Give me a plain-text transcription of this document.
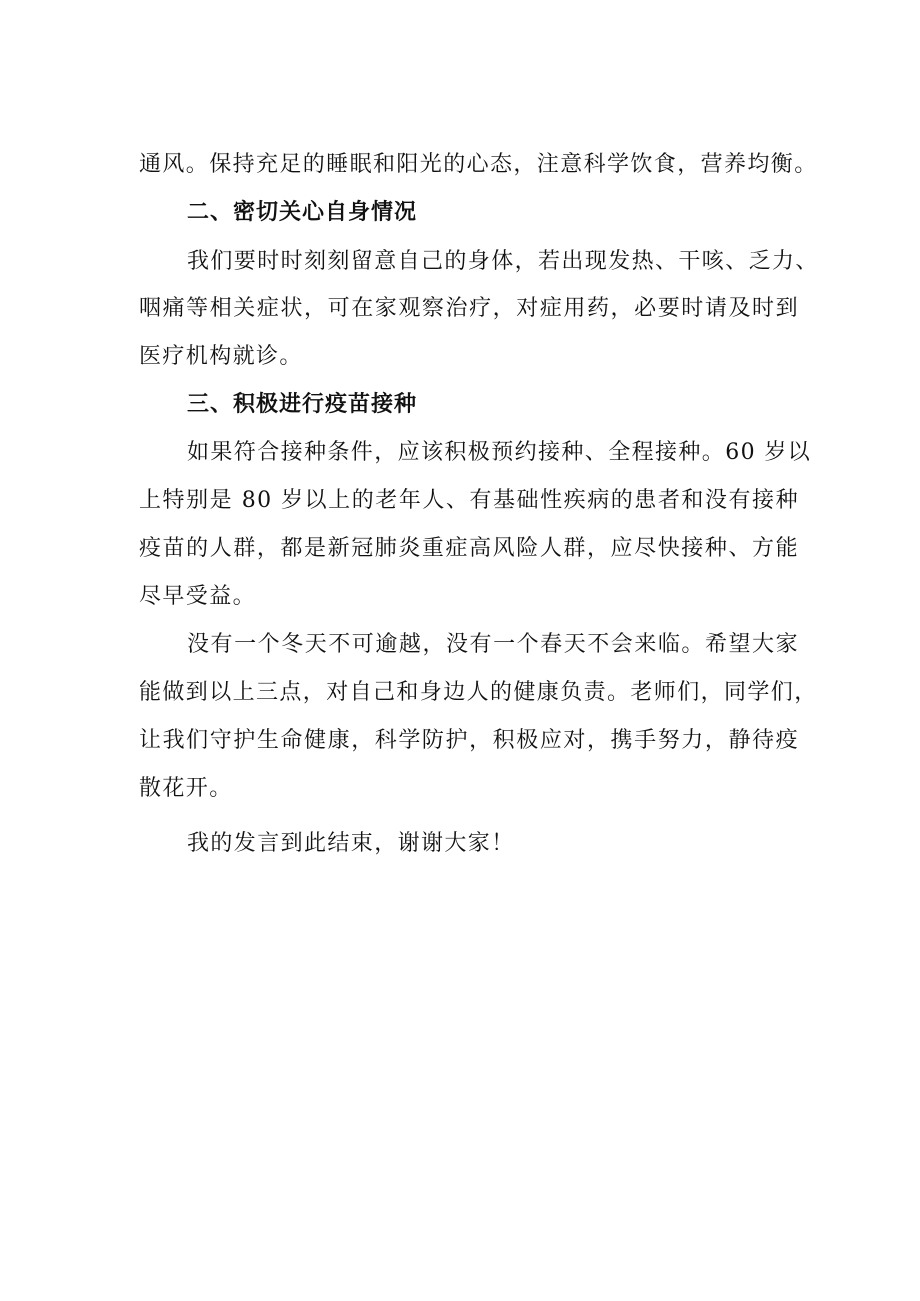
通风。保持充足的睡眠和阳光的心态，注意科学饮食，营养均衡。
二、密切关心自身情况
我们要时时刻刻留意自己的身体，若出现发热、干咳、乏力、
咽痛等相关症状，可在家观察治疗，对症用药，必要时请及时到
医疗机构就诊。
三、积极进行疫苗接种
如果符合接种条件，应该积极预约接种、全程接种。60 岁以
上特别是 80 岁以上的老年人、有基础性疾病的患者和没有接种
疫苗的人群，都是新冠肺炎重症高风险人群，应尽快接种、方能
尽早受益。
没有一个冬天不可逾越，没有一个春天不会来临。希望大家
能做到以上三点，对自己和身边人的健康负责。老师们，同学们，
让我们守护生命健康，科学防护，积极应对，携手努力，静待疫
散花开。
我的发言到此结束，谢谢大家！
